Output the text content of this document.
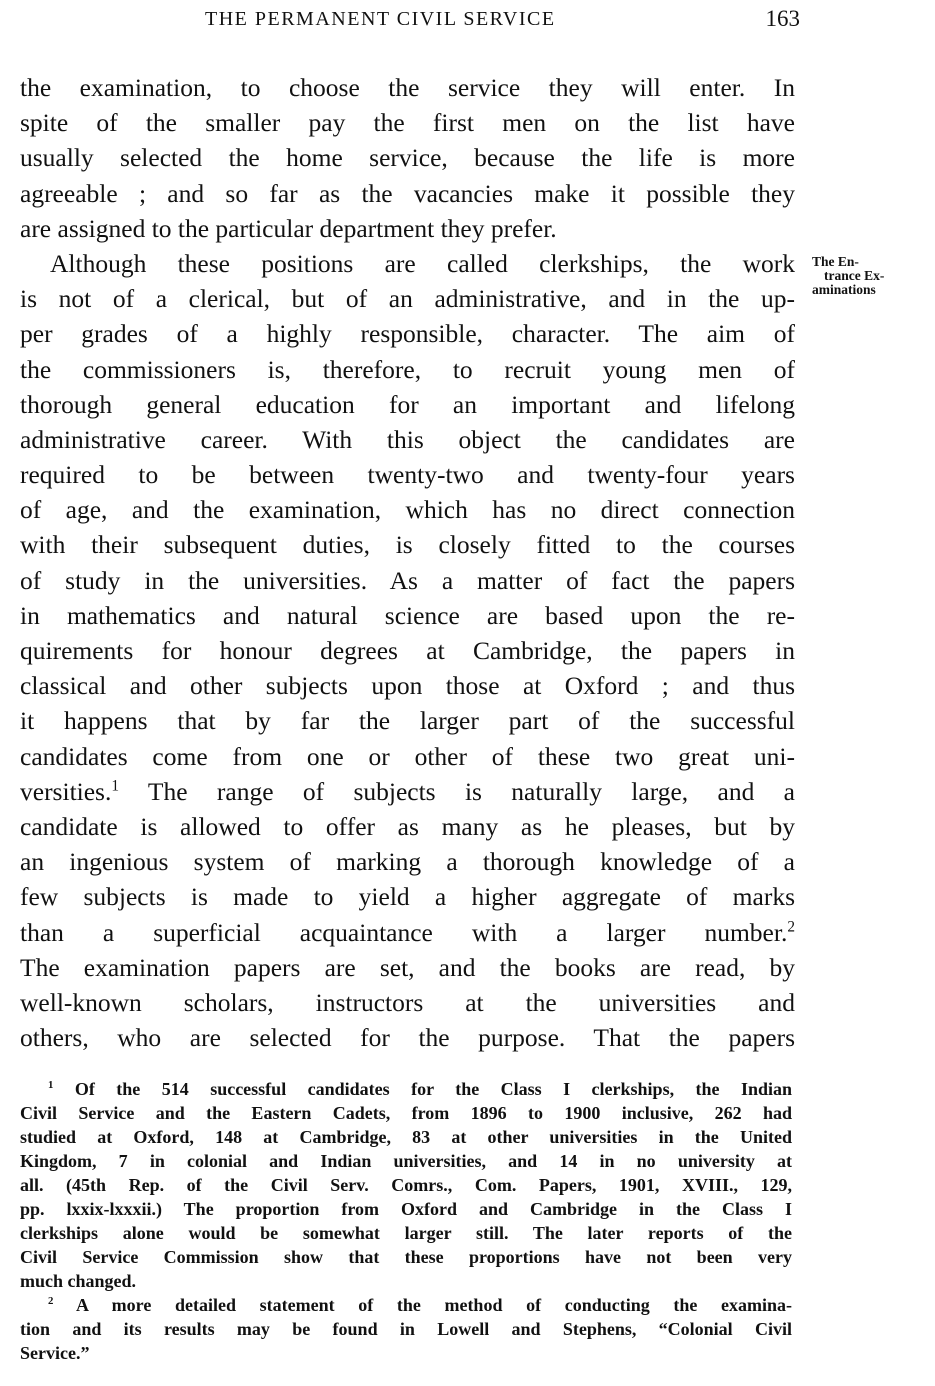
THE PERMANENT CIVIL SERVICE	163
The En-
trance Ex-
aminations
the examination, to choose the service they will enter. In
spite of the smaller pay the first men on the list have
usually selected the home service, because the life is more
agreeable ; and so far as the vacancies make it possible they
are assigned to the particular department they prefer.
Although these positions are called clerkships, the work
is not of a clerical, but of an administrative, and in the up-
per grades of a highly responsible, character. The aim of
the commissioners is, therefore, to recruit young men of
thorough general education for an important and lifelong
administrative career. With this object the candidates are
required to be between twenty-two and twenty-four years
of age, and the examination, which has no direct connection
with their subsequent duties, is closely fitted to the courses
of study in the universities. As a matter of fact the papers
in mathematics and natural science are based upon the re-
quirements for honour degrees at Cambridge, the papers in
classical and other subjects upon those at Oxford ; and thus
it happens that by far the larger part of the successful
candidates come from one or other of these two great uni-
versities.$^1$ The range of subjects is naturally large, and a
candidate is allowed to offer as many as he pleases, but by
an ingenious system of marking a thorough knowledge of a
few subjects is made to yield a higher aggregate of marks
than a superficial acquaintance with a larger number.$^2$
The examination papers are set, and the books are read, by
well-known scholars, instructors at the universities and
others, who are selected for the purpose. That the papers
$^1$ Of the 514 successful candidates for the Class I clerkships, the Indian
Civil Service and the Eastern Cadets, from 1896 to 1900 inclusive, 262 had
studied at Oxford, 148 at Cambridge, 83 at other universities in the United
Kingdom, 7 in colonial and Indian universities, and 14 in no university at
all. (45th Rep. of the Civil Serv. Comrs., Com. Papers, 1901, XVIII., 129,
pp. lxxix-lxxxii.) The proportion from Oxford and Cambridge in the Class I
clerkships alone would be somewhat larger still. The later reports of the
Civil Service Commission show that these proportions have not been very
much changed.
$^2$ A more detailed statement of the method of conducting the examina-
tion and its results may be found in Lowell and Stephens, “Colonial Civil
Service.”
